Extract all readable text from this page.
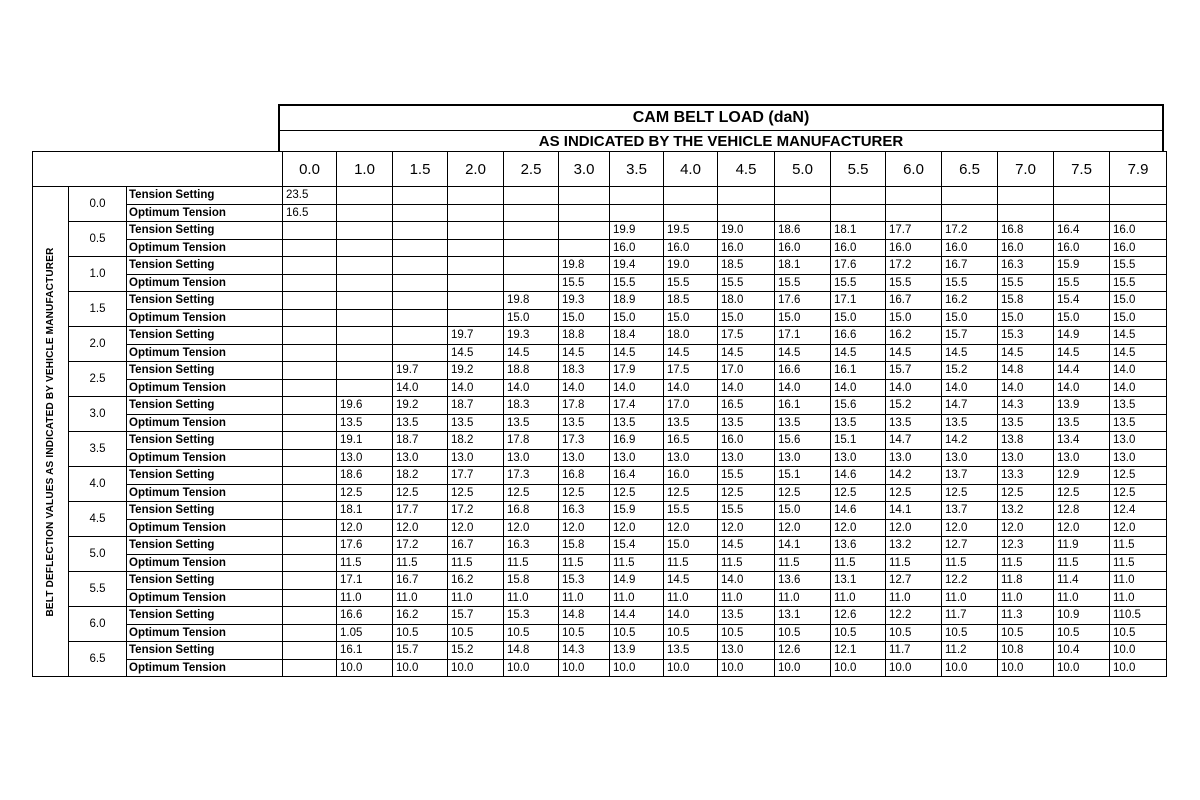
CAM BELT LOAD (daN)
AS INDICATED BY THE VEHICLE MANUFACTURER
			0.0	1.0	1.5	2.0	2.5	3.0	3.5	4.0	4.5	5.0	5.5	6.0	6.5	7.0	7.5	7.9

BELT DEFLECTION VALUES AS INDICATED BY VEHICLE MANUFACTURER	0.0	Tension Setting	23.5															
		Optimum Tension	16.5															
	0.5	Tension Setting							19.9	19.5	19.0	18.6	18.1	17.7	17.2	16.8	16.4	16.0
		Optimum Tension							16.0	16.0	16.0	16.0	16.0	16.0	16.0	16.0	16.0	16.0
	1.0	Tension Setting						19.8	19.4	19.0	18.5	18.1	17.6	17.2	16.7	16.3	15.9	15.5
		Optimum Tension						15.5	15.5	15.5	15.5	15.5	15.5	15.5	15.5	15.5	15.5	15.5
	1.5	Tension Setting					19.8	19.3	18.9	18.5	18.0	17.6	17.1	16.7	16.2	15.8	15.4	15.0
		Optimum Tension					15.0	15.0	15.0	15.0	15.0	15.0	15.0	15.0	15.0	15.0	15.0	15.0
	2.0	Tension Setting				19.7	19.3	18.8	18.4	18.0	17.5	17.1	16.6	16.2	15.7	15.3	14.9	14.5
		Optimum Tension				14.5	14.5	14.5	14.5	14.5	14.5	14.5	14.5	14.5	14.5	14.5	14.5	14.5
	2.5	Tension Setting			19.7	19.2	18.8	18.3	17.9	17.5	17.0	16.6	16.1	15.7	15.2	14.8	14.4	14.0
		Optimum Tension			14.0	14.0	14.0	14.0	14.0	14.0	14.0	14.0	14.0	14.0	14.0	14.0	14.0	14.0
	3.0	Tension Setting		19.6	19.2	18.7	18.3	17.8	17.4	17.0	16.5	16.1	15.6	15.2	14.7	14.3	13.9	13.5
		Optimum Tension		13.5	13.5	13.5	13.5	13.5	13.5	13.5	13.5	13.5	13.5	13.5	13.5	13.5	13.5	13.5
	3.5	Tension Setting		19.1	18.7	18.2	17.8	17.3	16.9	16.5	16.0	15.6	15.1	14.7	14.2	13.8	13.4	13.0
		Optimum Tension		13.0	13.0	13.0	13.0	13.0	13.0	13.0	13.0	13.0	13.0	13.0	13.0	13.0	13.0	13.0
	4.0	Tension Setting		18.6	18.2	17.7	17.3	16.8	16.4	16.0	15.5	15.1	14.6	14.2	13.7	13.3	12.9	12.5
		Optimum Tension		12.5	12.5	12.5	12.5	12.5	12.5	12.5	12.5	12.5	12.5	12.5	12.5	12.5	12.5	12.5
	4.5	Tension Setting		18.1	17.7	17.2	16.8	16.3	15.9	15.5	15.5	15.0	14.6	14.1	13.7	13.2	12.8	12.4
		Optimum Tension		12.0	12.0	12.0	12.0	12.0	12.0	12.0	12.0	12.0	12.0	12.0	12.0	12.0	12.0	12.0
	5.0	Tension Setting		17.6	17.2	16.7	16.3	15.8	15.4	15.0	14.5	14.1	13.6	13.2	12.7	12.3	11.9	11.5
		Optimum Tension		11.5	11.5	11.5	11.5	11.5	11.5	11.5	11.5	11.5	11.5	11.5	11.5	11.5	11.5	11.5
	5.5	Tension Setting		17.1	16.7	16.2	15.8	15.3	14.9	14.5	14.0	13.6	13.1	12.7	12.2	11.8	11.4	11.0
		Optimum Tension		11.0	11.0	11.0	11.0	11.0	11.0	11.0	11.0	11.0	11.0	11.0	11.0	11.0	11.0	11.0
	6.0	Tension Setting		16.6	16.2	15.7	15.3	14.8	14.4	14.0	13.5	13.1	12.6	12.2	11.7	11.3	10.9	110.5
		Optimum Tension		1.05	10.5	10.5	10.5	10.5	10.5	10.5	10.5	10.5	10.5	10.5	10.5	10.5	10.5	10.5
	6.5	Tension Setting		16.1	15.7	15.2	14.8	14.3	13.9	13.5	13.0	12.6	12.1	11.7	11.2	10.8	10.4	10.0
		Optimum Tension		10.0	10.0	10.0	10.0	10.0	10.0	10.0	10.0	10.0	10.0	10.0	10.0	10.0	10.0	10.0
